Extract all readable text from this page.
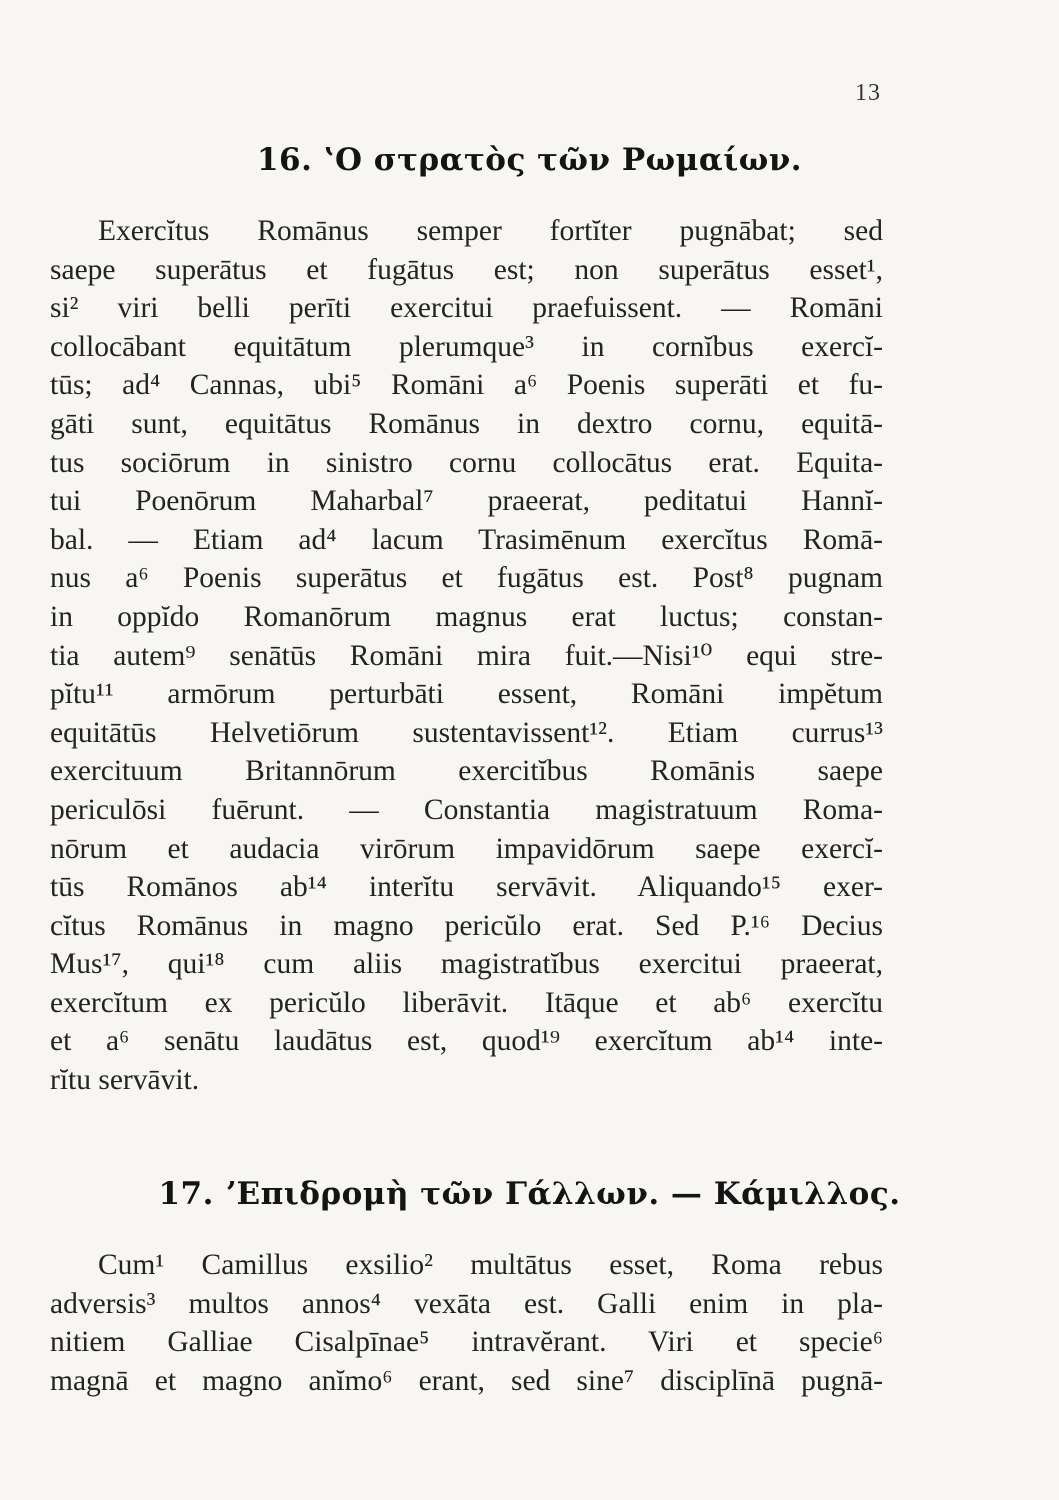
13
16. ʽΟ στρατὸς τῶν Ρωμαίων.
Exercĭtus Romānus semper fortĭter pugnābat; sed
saepe superātus et fugātus est; non superātus esset¹,
si² viri belli perīti exercitui praefuissent. — Romāni
collocābant equitātum plerumque³ in cornĭbus exercĭ-
tūs; ad⁴ Cannas, ubi⁵ Romāni a⁶ Poenis superāti et fu-
gāti sunt, equitātus Romānus in dextro cornu, equitā-
tus sociōrum in sinistro cornu collocātus erat. Equita-
tui Poenōrum Maharbal⁷ praeerat, peditatui Hannĭ-
bal. — Etiam ad⁴ lacum Trasimēnum exercĭtus Romā-
nus a⁶ Poenis superātus et fugātus est. Post⁸ pugnam
in oppĭdo Romanōrum magnus erat luctus; constan-
tia autem⁹ senātūs Romāni mira fuit.—Nisi¹⁰ equi stre-
pĭtu¹¹ armōrum perturbāti essent, Romāni impĕtum
equitātūs Helvetiōrum sustentavissent¹². Etiam currus¹³
exercituum Britannōrum exercitĭbus Romānis saepe
periculōsi fuērunt. — Constantia magistratuum Roma-
nōrum et audacia virōrum impavidōrum saepe exercĭ-
tūs Romānos ab¹⁴ interĭtu servāvit. Aliquando¹⁵ exer-
cĭtus Romānus in magno pericŭlo erat. Sed P.¹⁶ Decius
Mus¹⁷, qui¹⁸ cum aliis magistratĭbus exercitui praeerat,
exercĭtum ex pericŭlo liberāvit. Itāque et ab⁶ exercĭtu
et a⁶ senātu laudātus est, quod¹⁹ exercĭtum ab¹⁴ inte-
rĭtu servāvit.
17. ʼΕπιδρομὴ τῶν Γάλλων. — Κάμιλλος.
Cum¹ Camillus exsilio² multātus esset, Roma rebus
adversis³ multos annos⁴ vexāta est. Galli enim in pla-
nitiem Galliae Cisalpīnae⁵ intravĕrant. Viri et specie⁶
magnā et magno anĭmo⁶ erant, sed sine⁷ disciplīnā pugnā-
